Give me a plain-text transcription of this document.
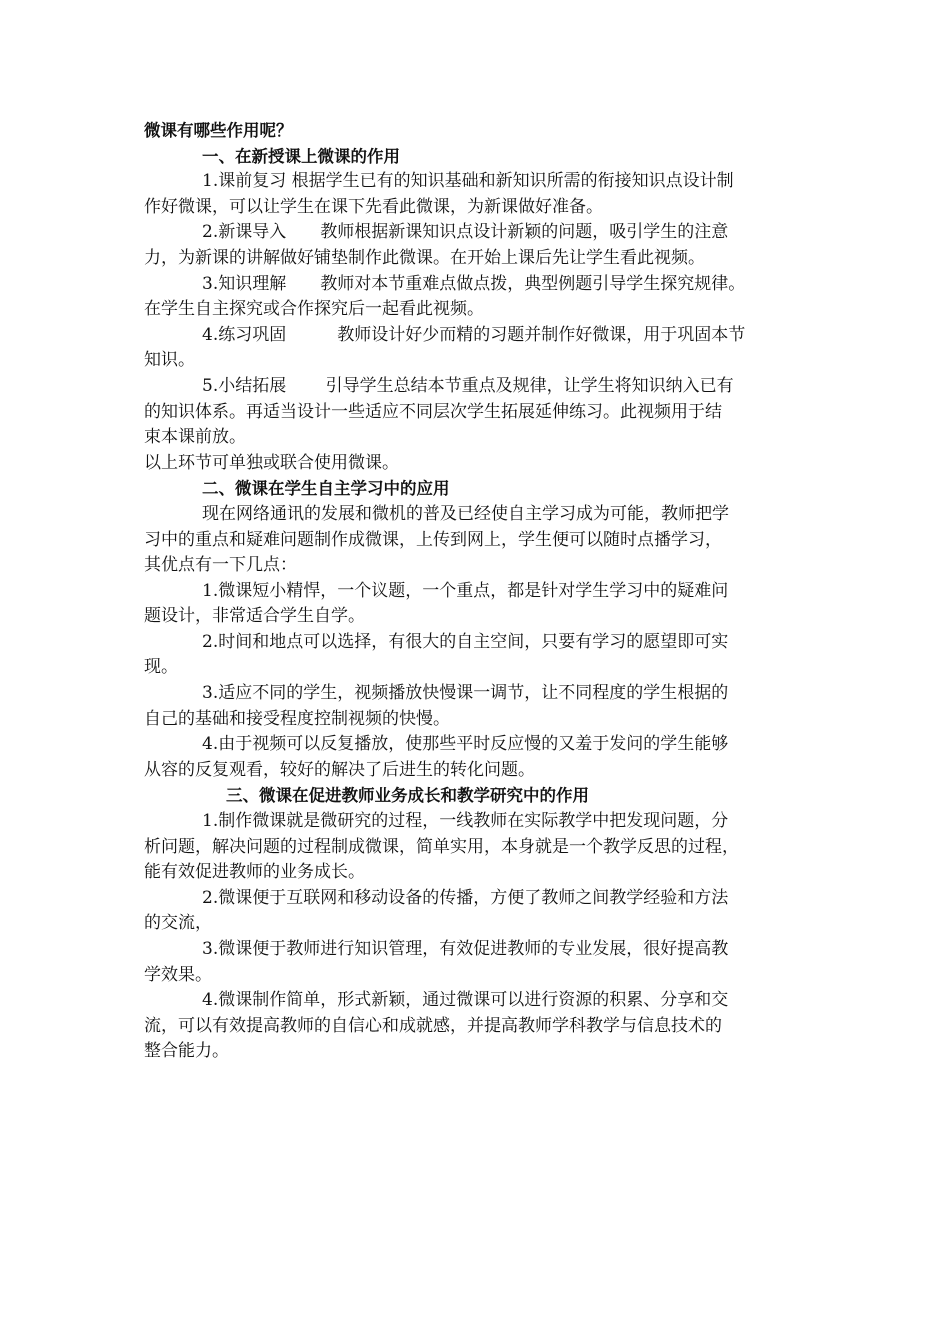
微课有哪些作用呢？
一、在新授课上微课的作用
1.课前复习 根据学生已有的知识基础和新知识所需的衔接知识点设计制
作好微课，可以让学生在课下先看此微课，为新课做好准备。
2.新课导入　　教师根据新课知识点设计新颖的问题，吸引学生的注意
力，为新课的讲解做好铺垫制作此微课。在开始上课后先让学生看此视频。
3.知识理解　　教师对本节重难点做点拨，典型例题引导学生探究规律。
在学生自主探究或合作探究后一起看此视频。
4.练习巩固　　　教师设计好少而精的习题并制作好微课，用于巩固本节
知识。
5.小结拓展　　 引导学生总结本节重点及规律，让学生将知识纳入已有
的知识体系。再适当设计一些适应不同层次学生拓展延伸练习。此视频用于结
束本课前放。
以上环节可单独或联合使用微课。
二、微课在学生自主学习中的应用
现在网络通讯的发展和微机的普及已经使自主学习成为可能，教师把学
习中的重点和疑难问题制作成微课，上传到网上，学生便可以随时点播学习，
其优点有一下几点：
1.微课短小精悍，一个议题，一个重点，都是针对学生学习中的疑难问
题设计，非常适合学生自学。
2.时间和地点可以选择，有很大的自主空间，只要有学习的愿望即可实
现。
3.适应不同的学生，视频播放快慢课一调节，让不同程度的学生根据的
自己的基础和接受程度控制视频的快慢。
4.由于视频可以反复播放，使那些平时反应慢的又羞于发问的学生能够
从容的反复观看，较好的解决了后进生的转化问题。
三、微课在促进教师业务成长和教学研究中的作用
1.制作微课就是微研究的过程，一线教师在实际教学中把发现问题，分
析问题，解决问题的过程制成微课，简单实用，本身就是一个教学反思的过程，
能有效促进教师的业务成长。
2.微课便于互联网和移动设备的传播，方便了教师之间教学经验和方法
的交流，
3.微课便于教师进行知识管理，有效促进教师的专业发展，很好提高教
学效果。
4.微课制作简单，形式新颖，通过微课可以进行资源的积累、分享和交
流，可以有效提高教师的自信心和成就感，并提高教师学科教学与信息技术的
整合能力。
